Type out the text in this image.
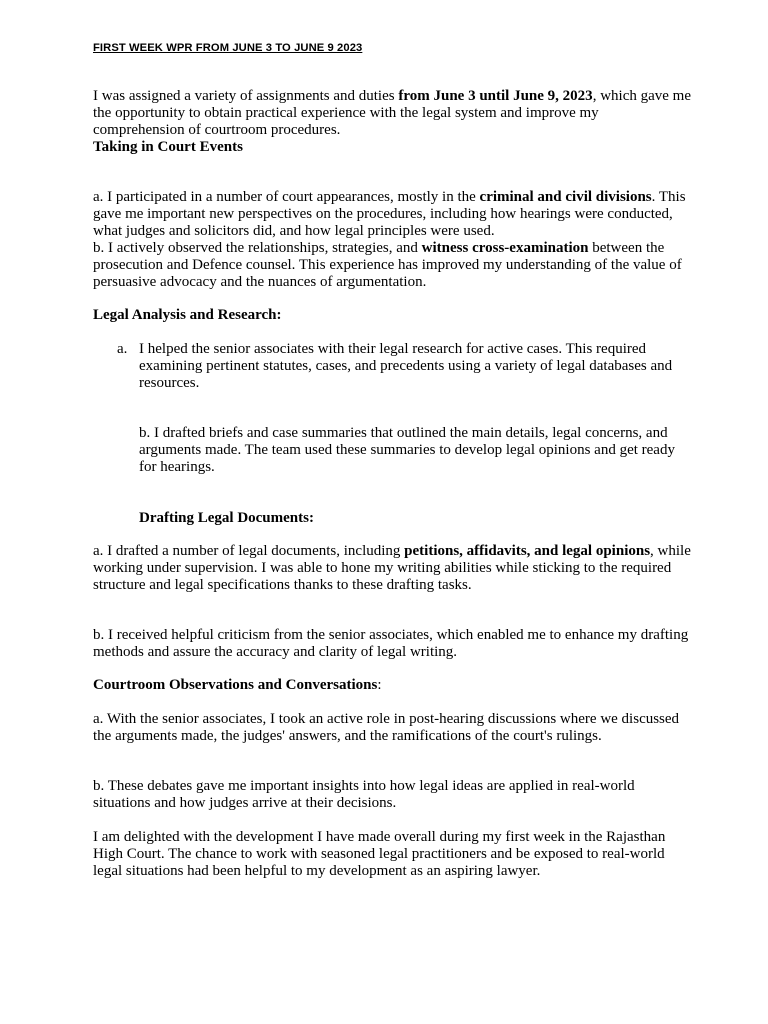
FIRST WEEK WPR FROM JUNE 3 TO JUNE 9 2023
I was assigned a variety of assignments and duties from June 3 until June 9, 2023, which gave me the opportunity to obtain practical experience with the legal system and improve my comprehension of courtroom procedures.
Taking in Court Events
a. I participated in a number of court appearances, mostly in the criminal and civil divisions. This gave me important new perspectives on the procedures, including how hearings were conducted, what judges and solicitors did, and how legal principles were used.
b. I actively observed the relationships, strategies, and witness cross-examination between the prosecution and Defence counsel. This experience has improved my understanding of the value of persuasive advocacy and the nuances of argumentation.
Legal Analysis and Research:
a. I helped the senior associates with their legal research for active cases. This required examining pertinent statutes, cases, and precedents using a variety of legal databases and resources.
b. I drafted briefs and case summaries that outlined the main details, legal concerns, and arguments made. The team used these summaries to develop legal opinions and get ready for hearings.
Drafting Legal Documents:
a. I drafted a number of legal documents, including petitions, affidavits, and legal opinions, while working under supervision. I was able to hone my writing abilities while sticking to the required structure and legal specifications thanks to these drafting tasks.
b. I received helpful criticism from the senior associates, which enabled me to enhance my drafting methods and assure the accuracy and clarity of legal writing.
Courtroom Observations and Conversations:
a. With the senior associates, I took an active role in post-hearing discussions where we discussed the arguments made, the judges' answers, and the ramifications of the court's rulings.
b. These debates gave me important insights into how legal ideas are applied in real-world situations and how judges arrive at their decisions.
I am delighted with the development I have made overall during my first week in the Rajasthan High Court. The chance to work with seasoned legal practitioners and be exposed to real-world legal situations had been helpful to my development as an aspiring lawyer.
